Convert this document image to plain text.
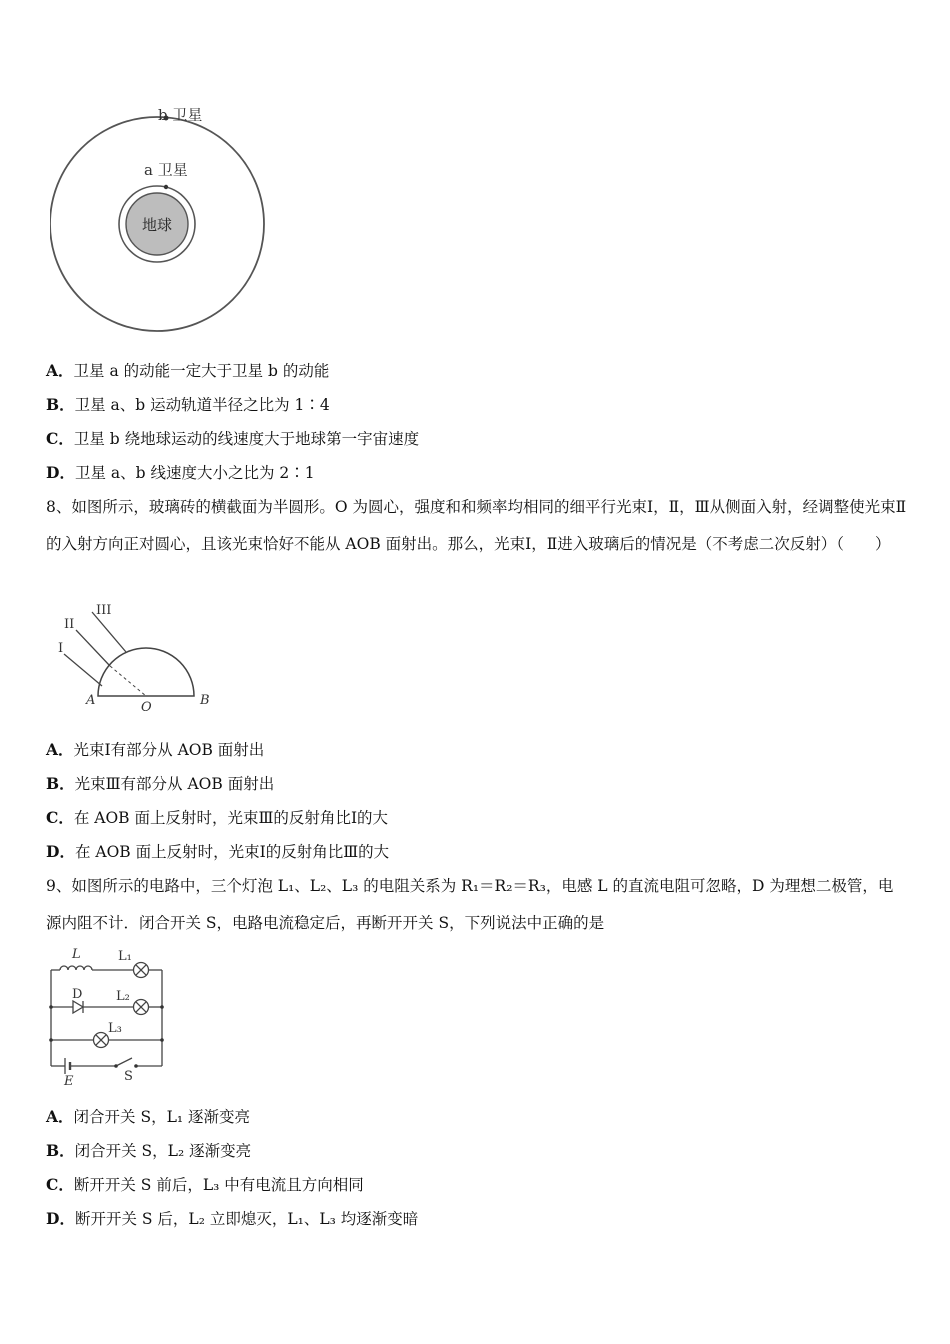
b 卫星
a 卫星
地球
A．卫星 a 的动能一定大于卫星 b 的动能
B．卫星 a、b 运动轨道半径之比为 1∶4
C．卫星 b 绕地球运动的线速度大于地球第一宇宙速度
D．卫星 a、b 线速度大小之比为 2∶1
8、如图所示，玻璃砖的横截面为半圆形。O 为圆心，强度和和频率均相同的细平行光束Ⅰ，Ⅱ，Ⅲ从侧面入射，经调整使光束Ⅱ的入射方向正对圆心，且该光束恰好不能从 AOB 面射出。那么，光束Ⅰ，Ⅱ进入玻璃后的情况是（不考虑二次反射）（　　）
III
II
I
A	O	B
A．光束Ⅰ有部分从 AOB 面射出
B．光束Ⅲ有部分从 AOB 面射出
C．在 AOB 面上反射时，光束Ⅲ的反射角比Ⅰ的大
D．在 AOB 面上反射时，光束Ⅰ的反射角比Ⅲ的大
9、如图所示的电路中，三个灯泡 L₁、L₂、L₃ 的电阻关系为 R₁＝R₂＝R₃，电感 L 的直流电阻可忽略，D 为理想二极管，电源内阻不计．闭合开关 S，电路电流稳定后，再断开开关 S，下列说法中正确的是
L	L₁
D	L₂
L₃
E	S
A．闭合开关 S，L₁ 逐渐变亮
B．闭合开关 S，L₂ 逐渐变亮
C．断开开关 S 前后，L₃ 中有电流且方向相同
D．断开开关 S 后，L₂ 立即熄灭，L₁、L₃ 均逐渐变暗
